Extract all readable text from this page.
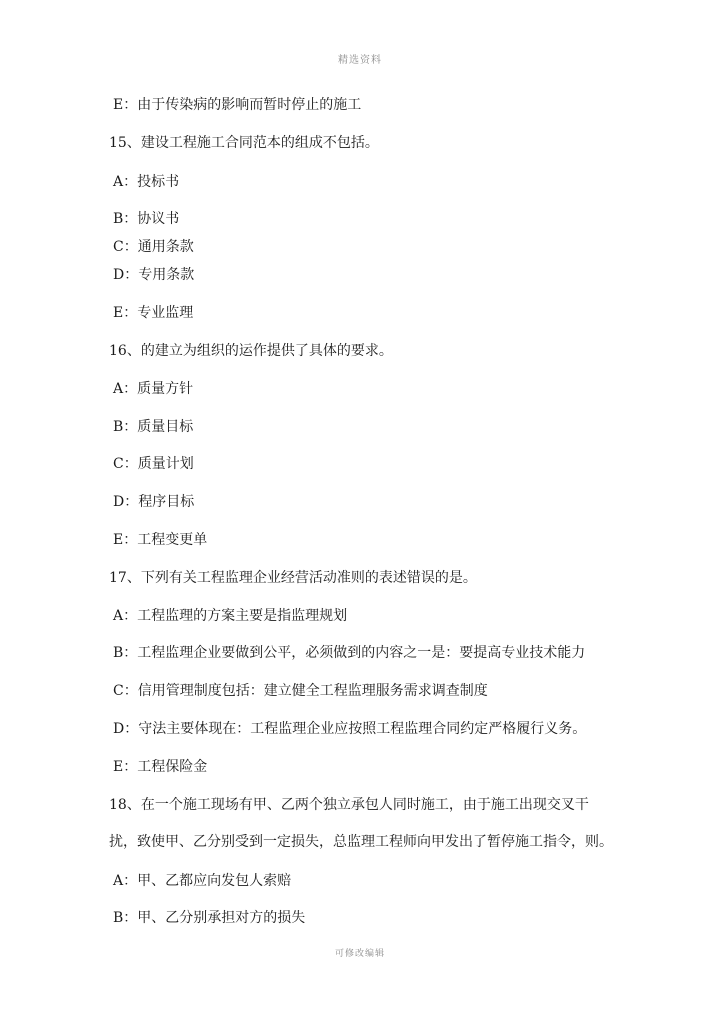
精选资料
E：由于传染病的影响而暂时停止的施工
15、建设工程施工合同范本的组成不包括。
A：投标书
B：协议书
C：通用条款
D：专用条款
E：专业监理
16、的建立为组织的运作提供了具体的要求。
A：质量方针
B：质量目标
C：质量计划
D：程序目标
E：工程变更单
17、下列有关工程监理企业经营活动准则的表述错误的是。
A：工程监理的方案主要是指监理规划
B：工程监理企业要做到公平，必须做到的内容之一是：要提高专业技术能力
C：信用管理制度包括：建立健全工程监理服务需求调查制度
D：守法主要体现在：工程监理企业应按照工程监理合同约定严格履行义务。
E：工程保险金
18、在一个施工现场有甲、乙两个独立承包人同时施工，由于施工出现交叉干
扰，致使甲、乙分别受到一定损失，总监理工程师向甲发出了暂停施工指令，则。
A：甲、乙都应向发包人索赔
B：甲、乙分别承担对方的损失
可修改编辑
